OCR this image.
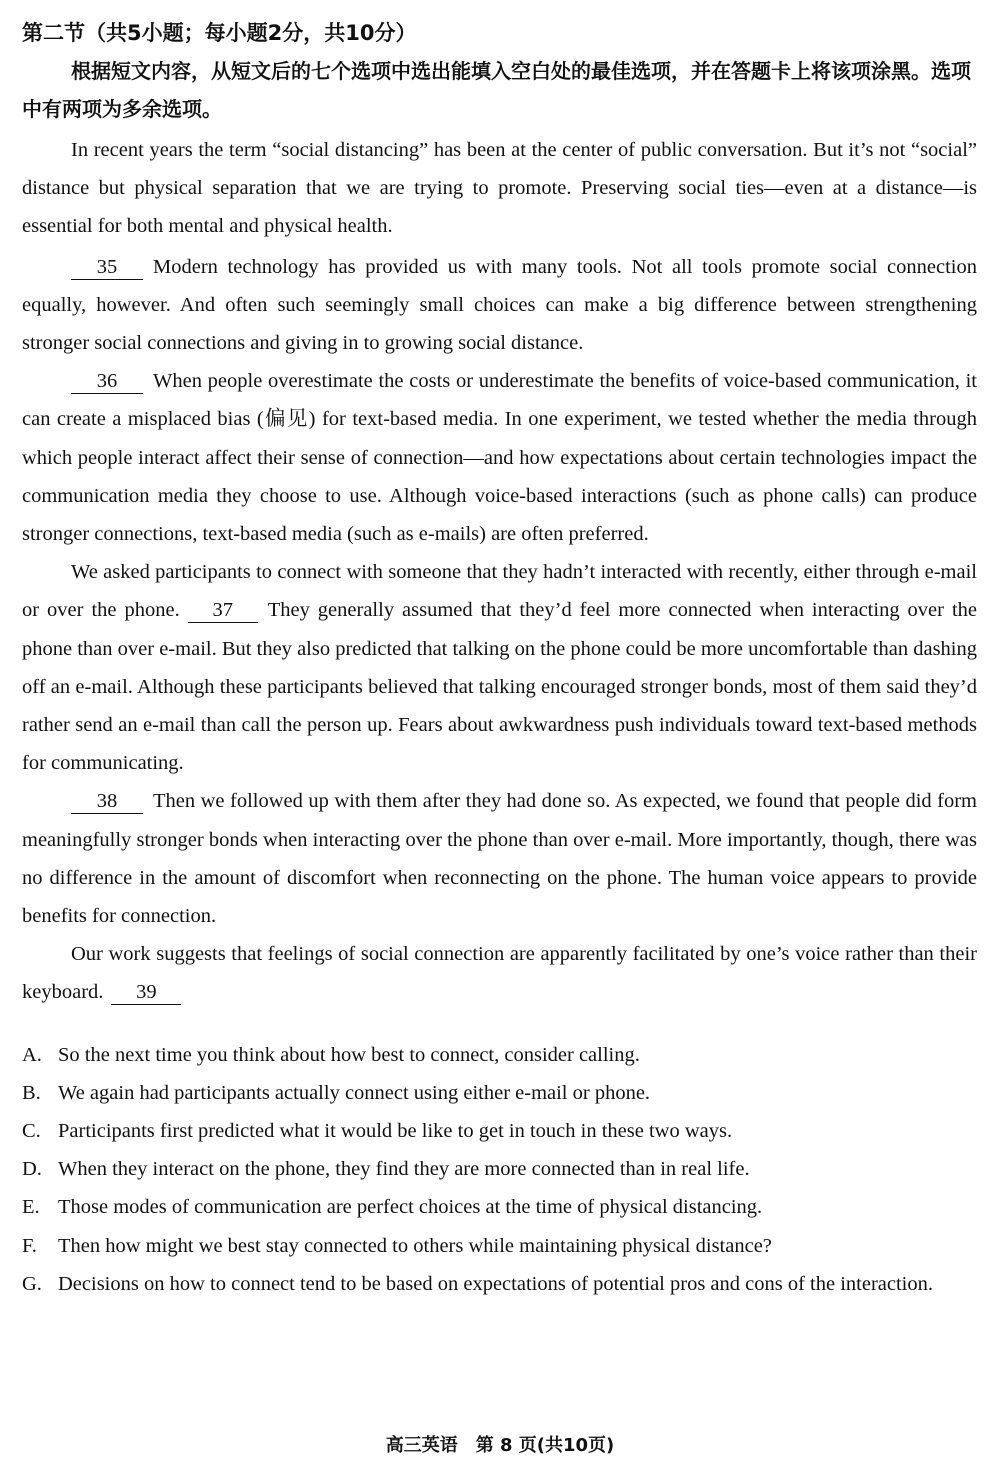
第二节（共5小题；每小题2分，共10分）

根据短文内容，从短文后的七个选项中选出能填入空白处的最佳选项，并在答题卡上将该项涂黑。选项中有两项为多余选项。

In recent years the term “social distancing” has been at the center of public conversation. But it’s not “social” distance but physical separation that we are trying to promote. Preserving social ties—even at a distance—is essential for both mental and physical health.

35 Modern technology has provided us with many tools. Not all tools promote social connection equally, however. And often such seemingly small choices can make a big difference between strengthening stronger social connections and giving in to growing social distance.

36 When people overestimate the costs or underestimate the benefits of voice-based communication, it can create a misplaced bias (偏见) for text-based media. In one experiment, we tested whether the media through which people interact affect their sense of connection—and how expectations about certain technologies impact the communication media they choose to use. Although voice-based interactions (such as phone calls) can produce stronger connections, text-based media (such as e-mails) are often preferred.

We asked participants to connect with someone that they hadn’t interacted with recently, either through e-mail or over the phone. 37 They generally assumed that they’d feel more connected when interacting over the phone than over e-mail. But they also predicted that talking on the phone could be more uncomfortable than dashing off an e-mail. Although these participants believed that talking encouraged stronger bonds, most of them said they’d rather send an e-mail than call the person up. Fears about awkwardness push individuals toward text-based methods for communicating.

38 Then we followed up with them after they had done so. As expected, we found that people did form meaningfully stronger bonds when interacting over the phone than over e-mail. More importantly, though, there was no difference in the amount of discomfort when reconnecting on the phone. The human voice appears to provide benefits for connection.

Our work suggests that feelings of social connection are apparently facilitated by one’s voice rather than their keyboard. 39

A. So the next time you think about how best to connect, consider calling.
B. We again had participants actually connect using either e-mail or phone.
C. Participants first predicted what it would be like to get in touch in these two ways.
D. When they interact on the phone, they find they are more connected than in real life.
E. Those modes of communication are perfect choices at the time of physical distancing.
F.	Then how might we best stay connected to others while maintaining physical distance?
G. Decisions on how to connect tend to be based on expectations of potential pros and cons of the interaction.
高三英语　第 8 页(共10页)
